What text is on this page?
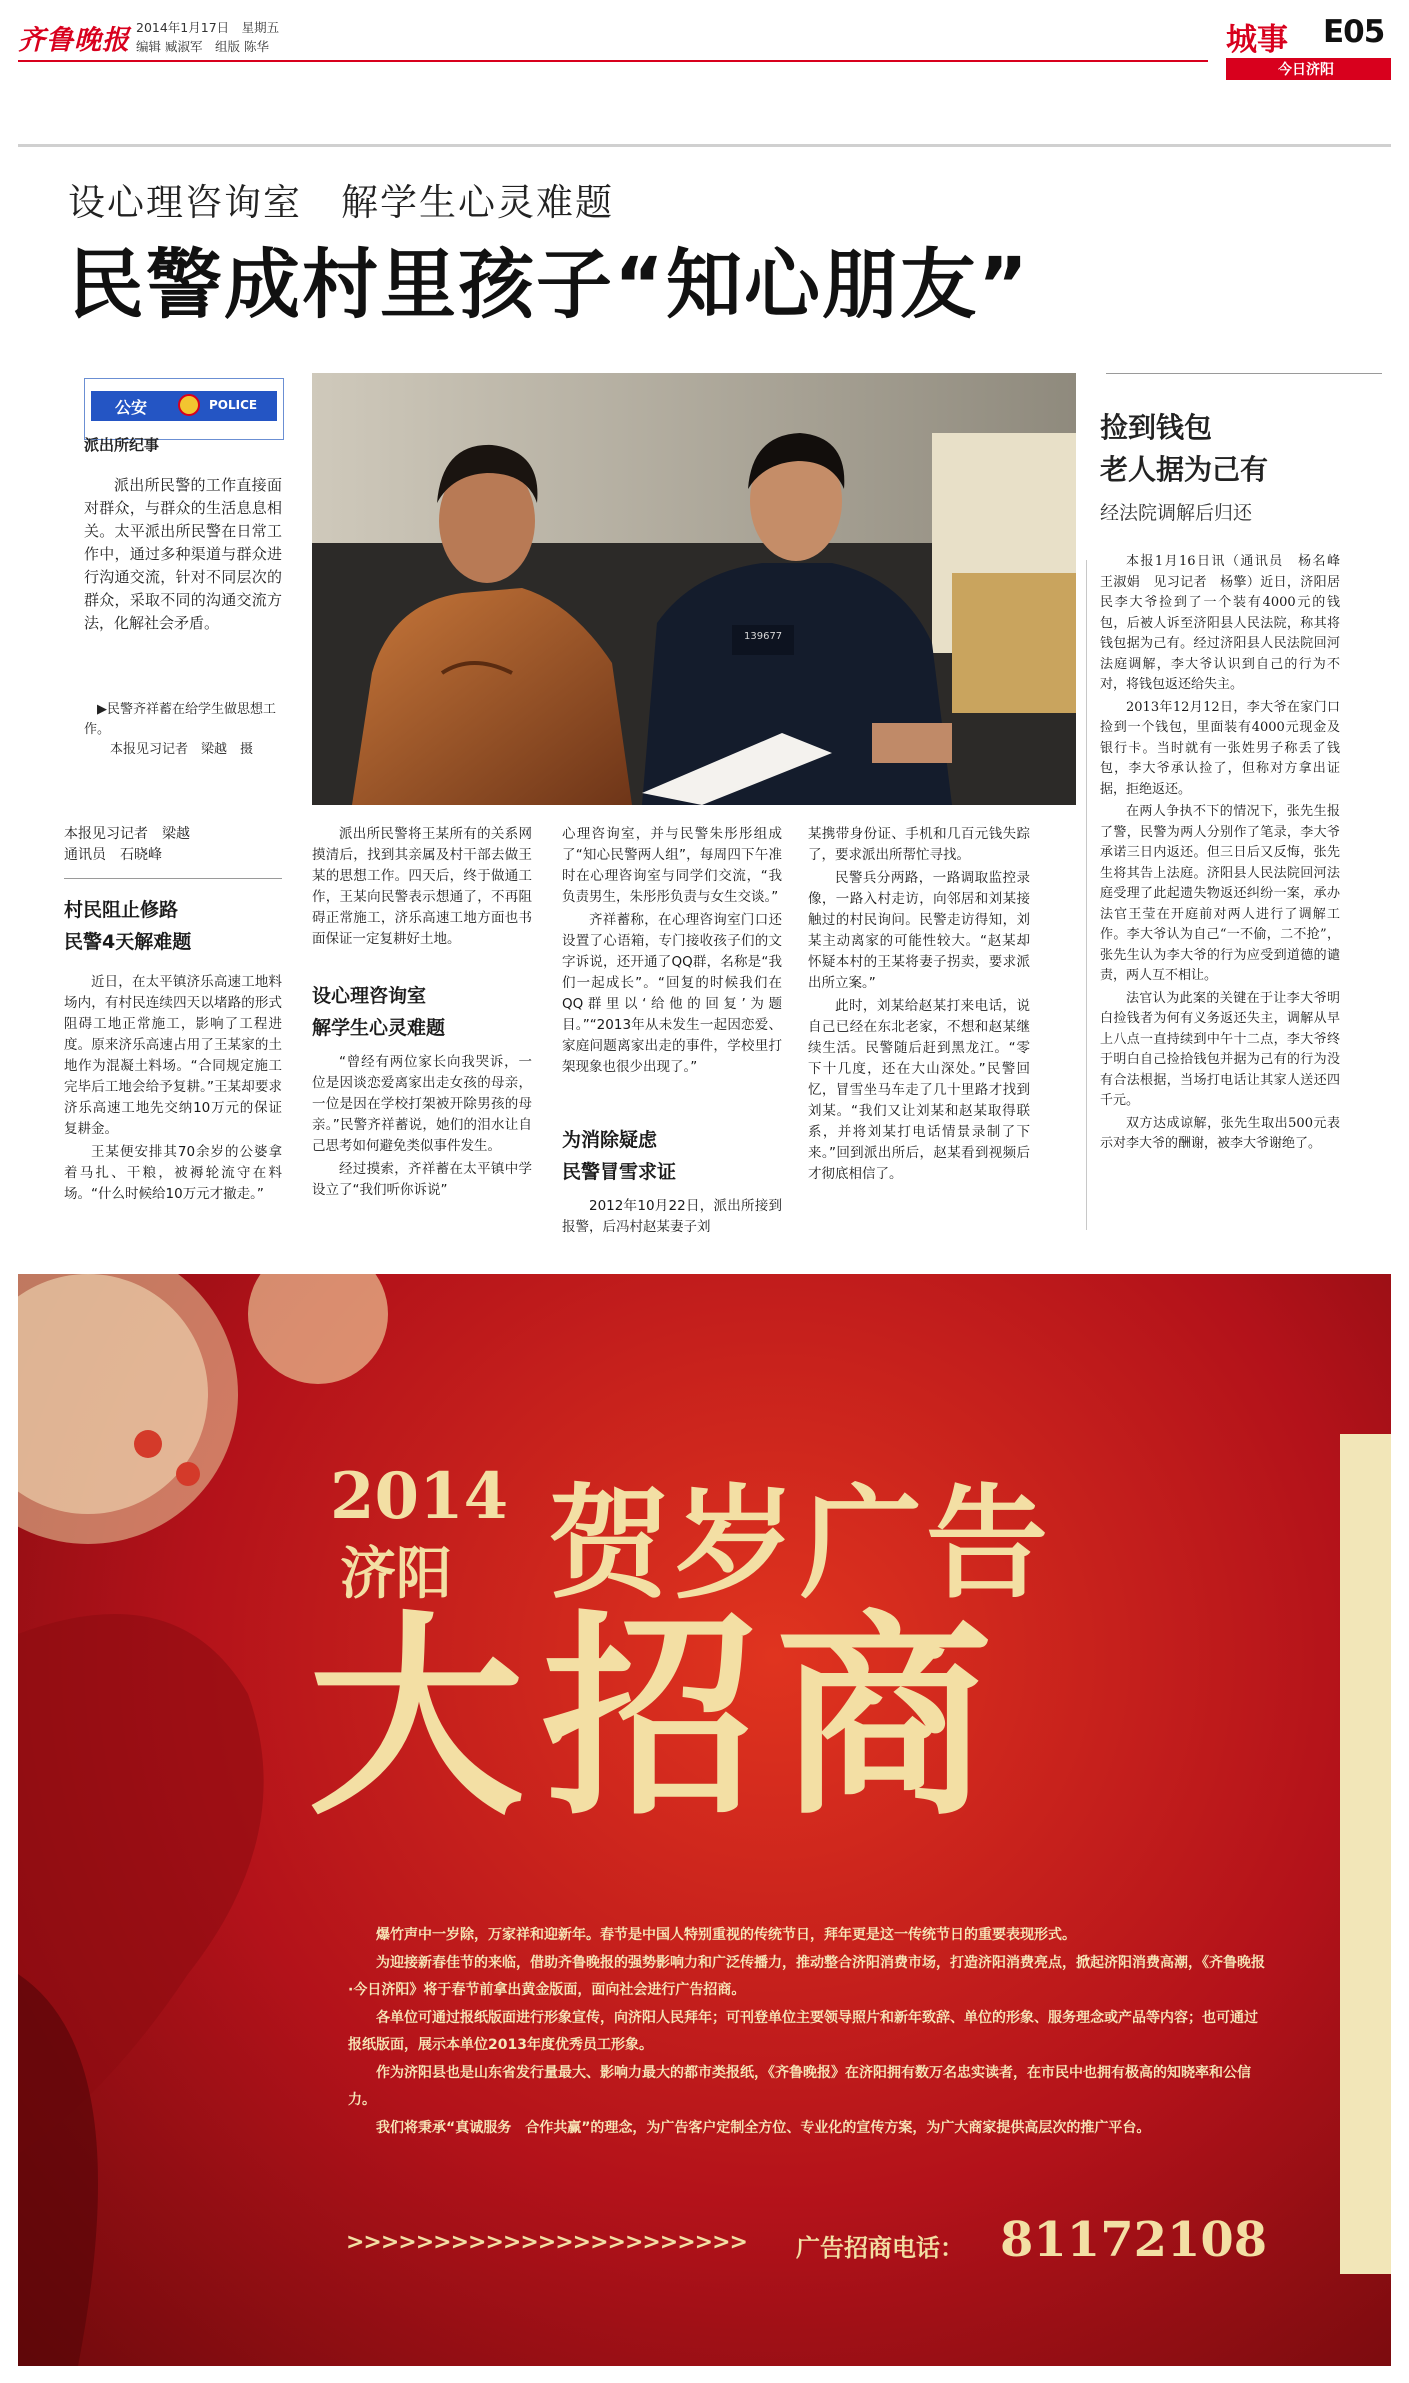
齐鲁晚报 2014年1月17日　星期五
编辑 臧淑军　组版 陈华	城事 E05
今日济阳
设心理咨询室　解学生心灵难题
民警成村里孩子“知心朋友”
公安	POLICE
派出所纪事

派出所民警的工作直接面对群众，与群众的生活息息相关。太平派出所民警在日常工作中，通过多种渠道与群众进行沟通交流，针对不同层次的群众，采取不同的沟通交流方法，化解社会矛盾。

▶民警齐祥蓄在给学生做思想工作。
本报见习记者　梁越　摄
139677
捡到钱包
老人据为己有
经法院调解后归还

本报1月16日讯（通讯员　杨名峰　王淑娟　见习记者　杨擎）近日，济阳居民李大爷捡到了一个装有4000元的钱包，后被人诉至济阳县人民法院，称其将钱包据为己有。经过济阳县人民法院回河法庭调解，李大爷认识到自己的行为不对，将钱包返还给失主。

2013年12月12日，李大爷在家门口捡到一个钱包，里面装有4000元现金及银行卡。当时就有一张姓男子称丢了钱包，李大爷承认捡了，但称对方拿出证据，拒绝返还。

在两人争执不下的情况下，张先生报了警，民警为两人分别作了笔录，李大爷承诺三日内返还。但三日后又反悔，张先生将其告上法庭。济阳县人民法院回河法庭受理了此起遗失物返还纠纷一案，承办法官王莹在开庭前对两人进行了调解工作。李大爷认为自己“一不偷，二不抢”，张先生认为李大爷的行为应受到道德的谴责，两人互不相让。

法官认为此案的关键在于让李大爷明白捡钱者为何有义务返还失主，调解从早上八点一直持续到中午十二点，李大爷终于明白自己捡拾钱包并据为己有的行为没有合法根据，当场打电话让其家人送还四千元。

双方达成谅解，张先生取出500元表示对李大爷的酬谢，被李大爷谢绝了。

本报见习记者　梁越
通讯员　石晓峰
村民阻止修路
民警4天解难题

近日，在太平镇济乐高速工地料场内，有村民连续四天以堵路的形式阻碍工地正常施工，影响了工程进度。原来济乐高速占用了王某家的土地作为混凝土料场。“合同规定施工完毕后工地会给予复耕。”王某却要求济乐高速工地先交纳10万元的保证复耕金。

王某便安排其70余岁的公婆拿着马扎、干粮，被褥轮流守在料场。“什么时候给10万元才撤走。”

派出所民警将王某所有的关系网摸清后，找到其亲属及村干部去做王某的思想工作。四天后，终于做通工作，王某向民警表示想通了，不再阻碍正常施工，济乐高速工地方面也书面保证一定复耕好土地。

设心理咨询室
解学生心灵难题

“曾经有两位家长向我哭诉，一位是因谈恋爱离家出走女孩的母亲，一位是因在学校打架被开除男孩的母亲。”民警齐祥蓄说，她们的泪水让自己思考如何避免类似事件发生。

经过摸索，齐祥蓄在太平镇中学设立了“我们听你诉说”

心理咨询室，并与民警朱彤彤组成了“知心民警两人组”，每周四下午准时在心理咨询室与同学们交流，“我负责男生，朱彤彤负责与女生交谈。”

齐祥蓄称，在心理咨询室门口还设置了心语箱，专门接收孩子们的文字诉说，还开通了QQ群，名称是“我们一起成长”。“回复的时候我们在QQ群里以‘给他的回复’为题目。”“2013年从未发生一起因恋爱、家庭问题离家出走的事件，学校里打架现象也很少出现了。”

为消除疑虑
民警冒雪求证

2012年10月22日，派出所接到报警，后冯村赵某妻子刘

某携带身份证、手机和几百元钱失踪了，要求派出所帮忙寻找。

民警兵分两路，一路调取监控录像，一路入村走访，向邻居和刘某接触过的村民询问。民警走访得知，刘某主动离家的可能性较大。“赵某却怀疑本村的王某将妻子拐卖，要求派出所立案。”

此时，刘某给赵某打来电话，说自己已经在东北老家，不想和赵某继续生活。民警随后赶到黑龙江。“零下十几度，还在大山深处。”民警回忆，冒雪坐马车走了几十里路才找到刘某。“我们又让刘某和赵某取得联系，并将刘某打电话情景录制了下来。”回到派出所后，赵某看到视频后才彻底相信了。

2014
济阳 贺岁广告
大招商
爆竹声中一岁除，万家祥和迎新年。春节是中国人特别重视的传统节日，拜年更是这一传统节日的重要表现形式。
为迎接新春佳节的来临，借助齐鲁晚报的强势影响力和广泛传播力，推动整合济阳消费市场，打造济阳消费亮点，掀起济阳消费高潮，《齐鲁晚报·今日济阳》将于春节前拿出黄金版面，面向社会进行广告招商。
各单位可通过报纸版面进行形象宣传，向济阳人民拜年；可刊登单位主要领导照片和新年致辞、单位的形象、服务理念或产品等内容；也可通过报纸版面，展示本单位2013年度优秀员工形象。
作为济阳县也是山东省发行量最大、影响力最大的都市类报纸，《齐鲁晚报》在济阳拥有数万名忠实读者，在市民中也拥有极高的知晓率和公信力。
我们将秉承“真诚服务　合作共赢”的理念，为广告客户定制全方位、专业化的宣传方案，为广大商家提供高层次的推广平台。
>>>>>>>>>>>>>>>>>>>>>>> 广告招商电话： 81172108
